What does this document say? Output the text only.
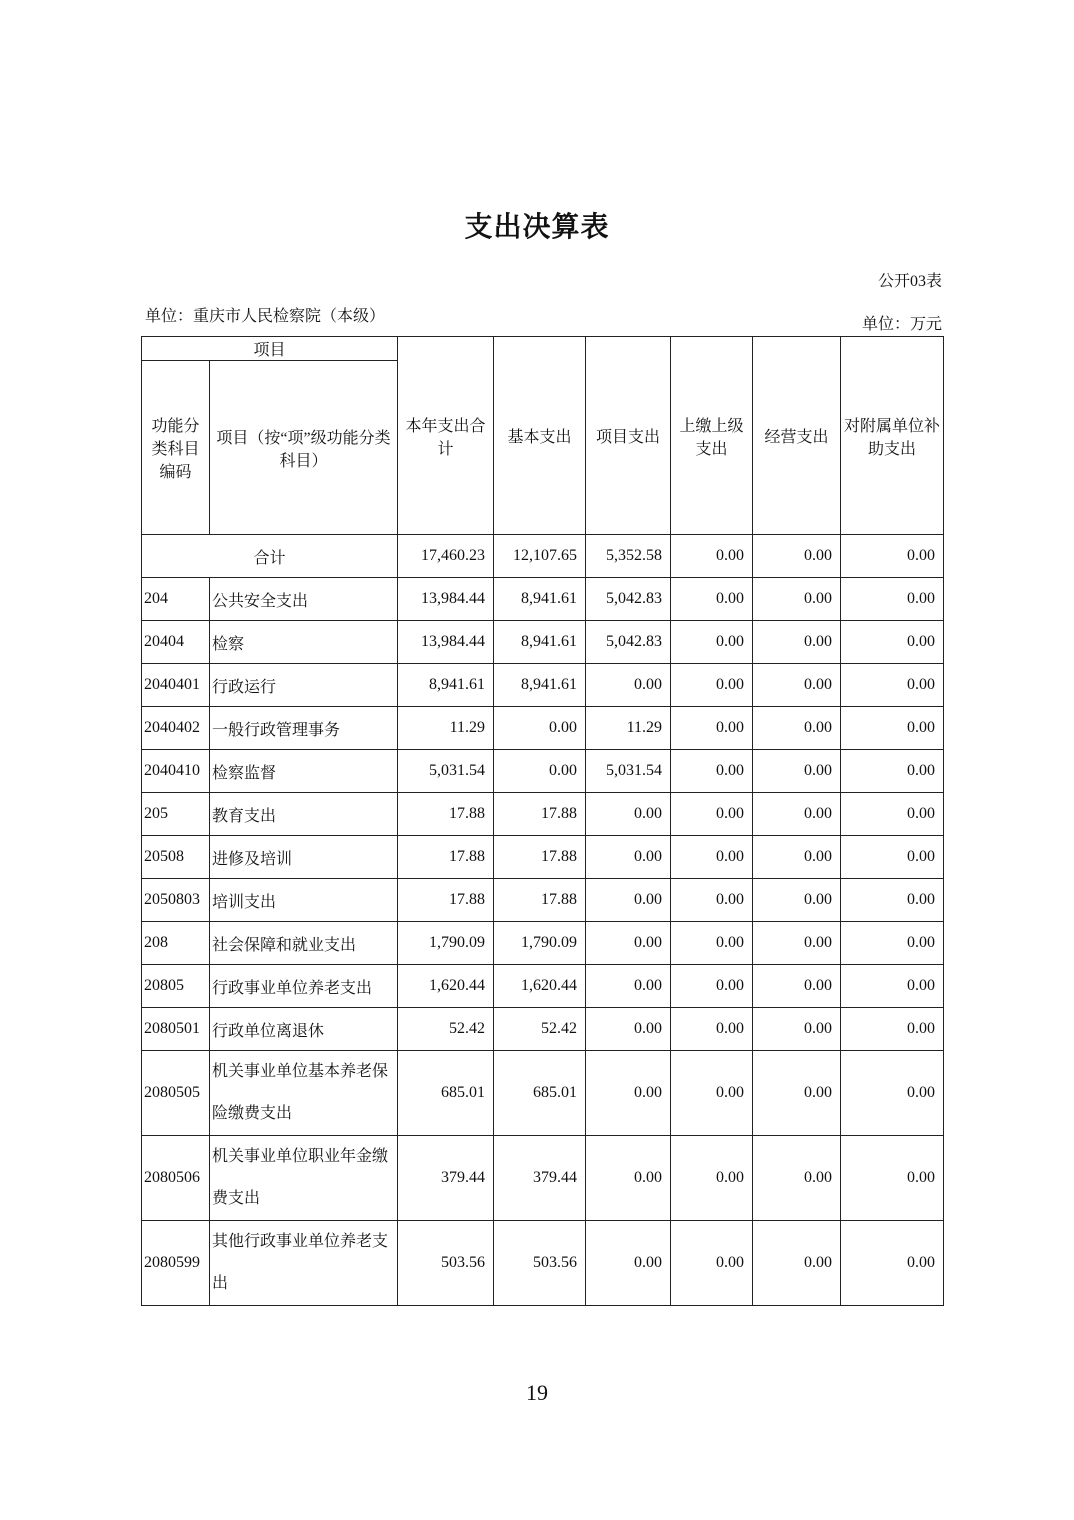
支出决算表
公开03表
单位：重庆市人民检察院（本级）	单位：万元
项目		本年支出合计	基本支出	项目支出	上缴上级支出	经营支出	对附属单位补助支出
功能分类科目编码	项目（按“项”级功能分类科目）						
合计		17,460.23	12,107.65	5,352.58	0.00	0.00	0.00
204	公共安全支出	13,984.44	8,941.61	5,042.83	0.00	0.00	0.00
20404	检察	13,984.44	8,941.61	5,042.83	0.00	0.00	0.00
2040401	行政运行	8,941.61	8,941.61	0.00	0.00	0.00	0.00
2040402	一般行政管理事务	11.29	0.00	11.29	0.00	0.00	0.00
2040410	检察监督	5,031.54	0.00	5,031.54	0.00	0.00	0.00
205	教育支出	17.88	17.88	0.00	0.00	0.00	0.00
20508	进修及培训	17.88	17.88	0.00	0.00	0.00	0.00
2050803	培训支出	17.88	17.88	0.00	0.00	0.00	0.00
208	社会保障和就业支出	1,790.09	1,790.09	0.00	0.00	0.00	0.00
20805	行政事业单位养老支出	1,620.44	1,620.44	0.00	0.00	0.00	0.00
2080501	行政单位离退休	52.42	52.42	0.00	0.00	0.00	0.00
2080505	机关事业单位基本养老保险缴费支出	685.01	685.01	0.00	0.00	0.00	0.00
2080506	机关事业单位职业年金缴费支出	379.44	379.44	0.00	0.00	0.00	0.00
2080599	其他行政事业单位养老支出	503.56	503.56	0.00	0.00	0.00	0.00
19
